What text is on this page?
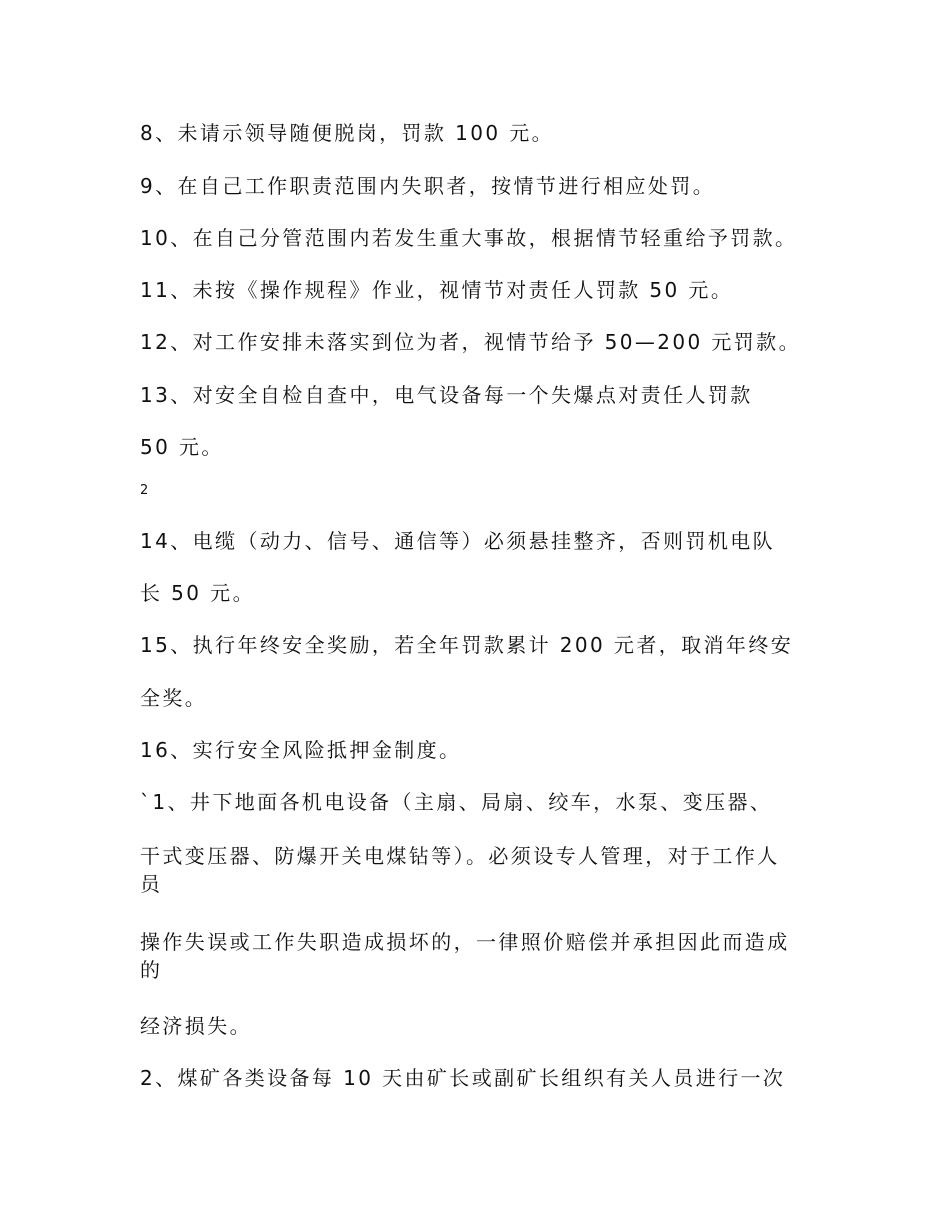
8、未请示领导随便脱岗，罚款 100 元。

9、在自己工作职责范围内失职者，按情节进行相应处罚。

10、在自己分管范围内若发生重大事故，根据情节轻重给予罚款。

11、未按《操作规程》作业，视情节对责任人罚款 50 元。

12、对工作安排未落实到位为者，视情节给予 50—200 元罚款。

13、对安全自检自查中，电气设备每一个失爆点对责任人罚款

50 元。

2

14、电缆（动力、信号、通信等）必须悬挂整齐，否则罚机电队

长 50 元。

15、执行年终安全奖励，若全年罚款累计 200 元者，取消年终安

全奖。

16、实行安全风险抵押金制度。

`1、井下地面各机电设备（主扇、局扇、绞车，水泵、变压器、

干式变压器、防爆开关电煤钻等）。必须设专人管理，对于工作人员

操作失误或工作失职造成损坏的，一律照价赔偿并承担因此而造成的

经济损失。

2、煤矿各类设备每 10 天由矿长或副矿长组织有关人员进行一次
